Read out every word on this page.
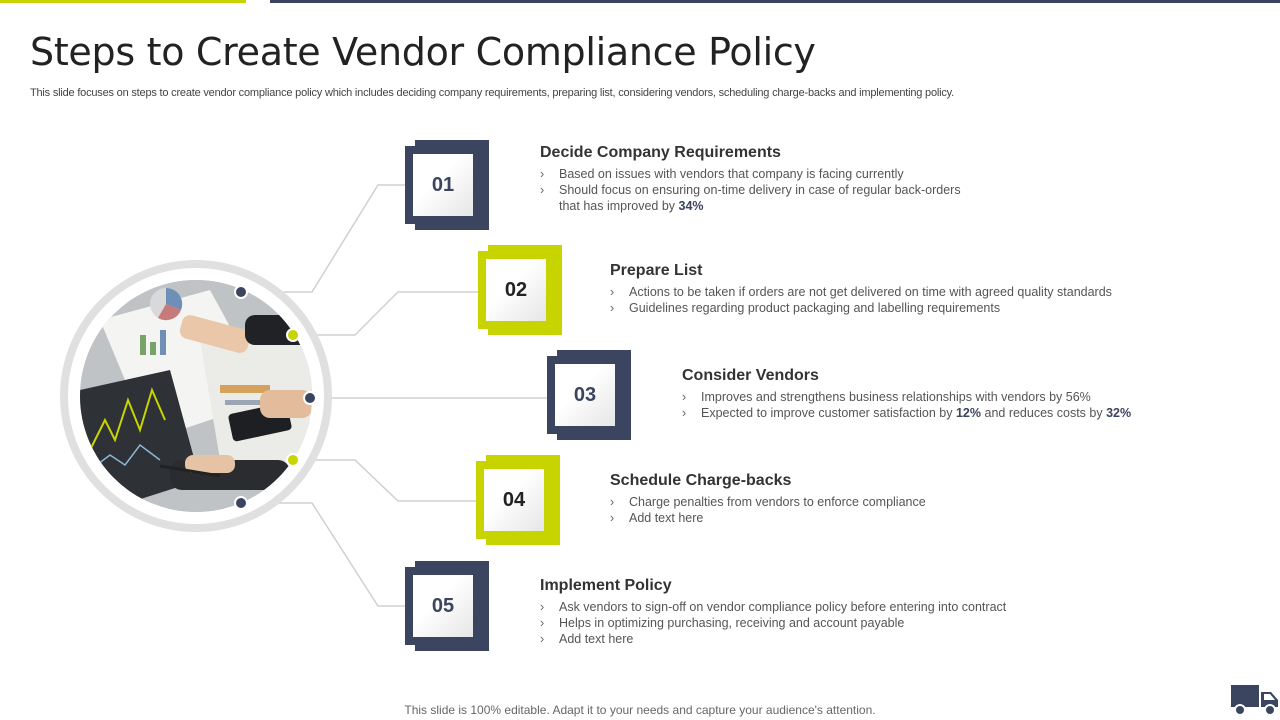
Steps to Create Vendor Compliance Policy
This slide focuses on steps to create vendor compliance policy which includes deciding company requirements, preparing list, considering vendors, scheduling charge-backs and implementing policy.
01
Decide Company Requirements
› Based on issues with vendors that company is facing currently
› Should focus on ensuring on-time delivery in case of regular back-orders
that has improved by 34%
02
Prepare List
› Actions to be taken if orders are not get delivered on time with agreed quality standards
› Guidelines regarding product packaging and labelling requirements
03
Consider Vendors
› Improves and strengthens business relationships with vendors by 56%
› Expected to improve customer satisfaction by 12% and reduces costs by 32%
04
Schedule Charge-backs
› Charge penalties from vendors to enforce compliance
› Add text here
05
Implement Policy
› Ask vendors to sign-off on vendor compliance policy before entering into contract
› Helps in optimizing purchasing, receiving and account payable
› Add text here
This slide is 100% editable. Adapt it to your needs and capture your audience's attention.
